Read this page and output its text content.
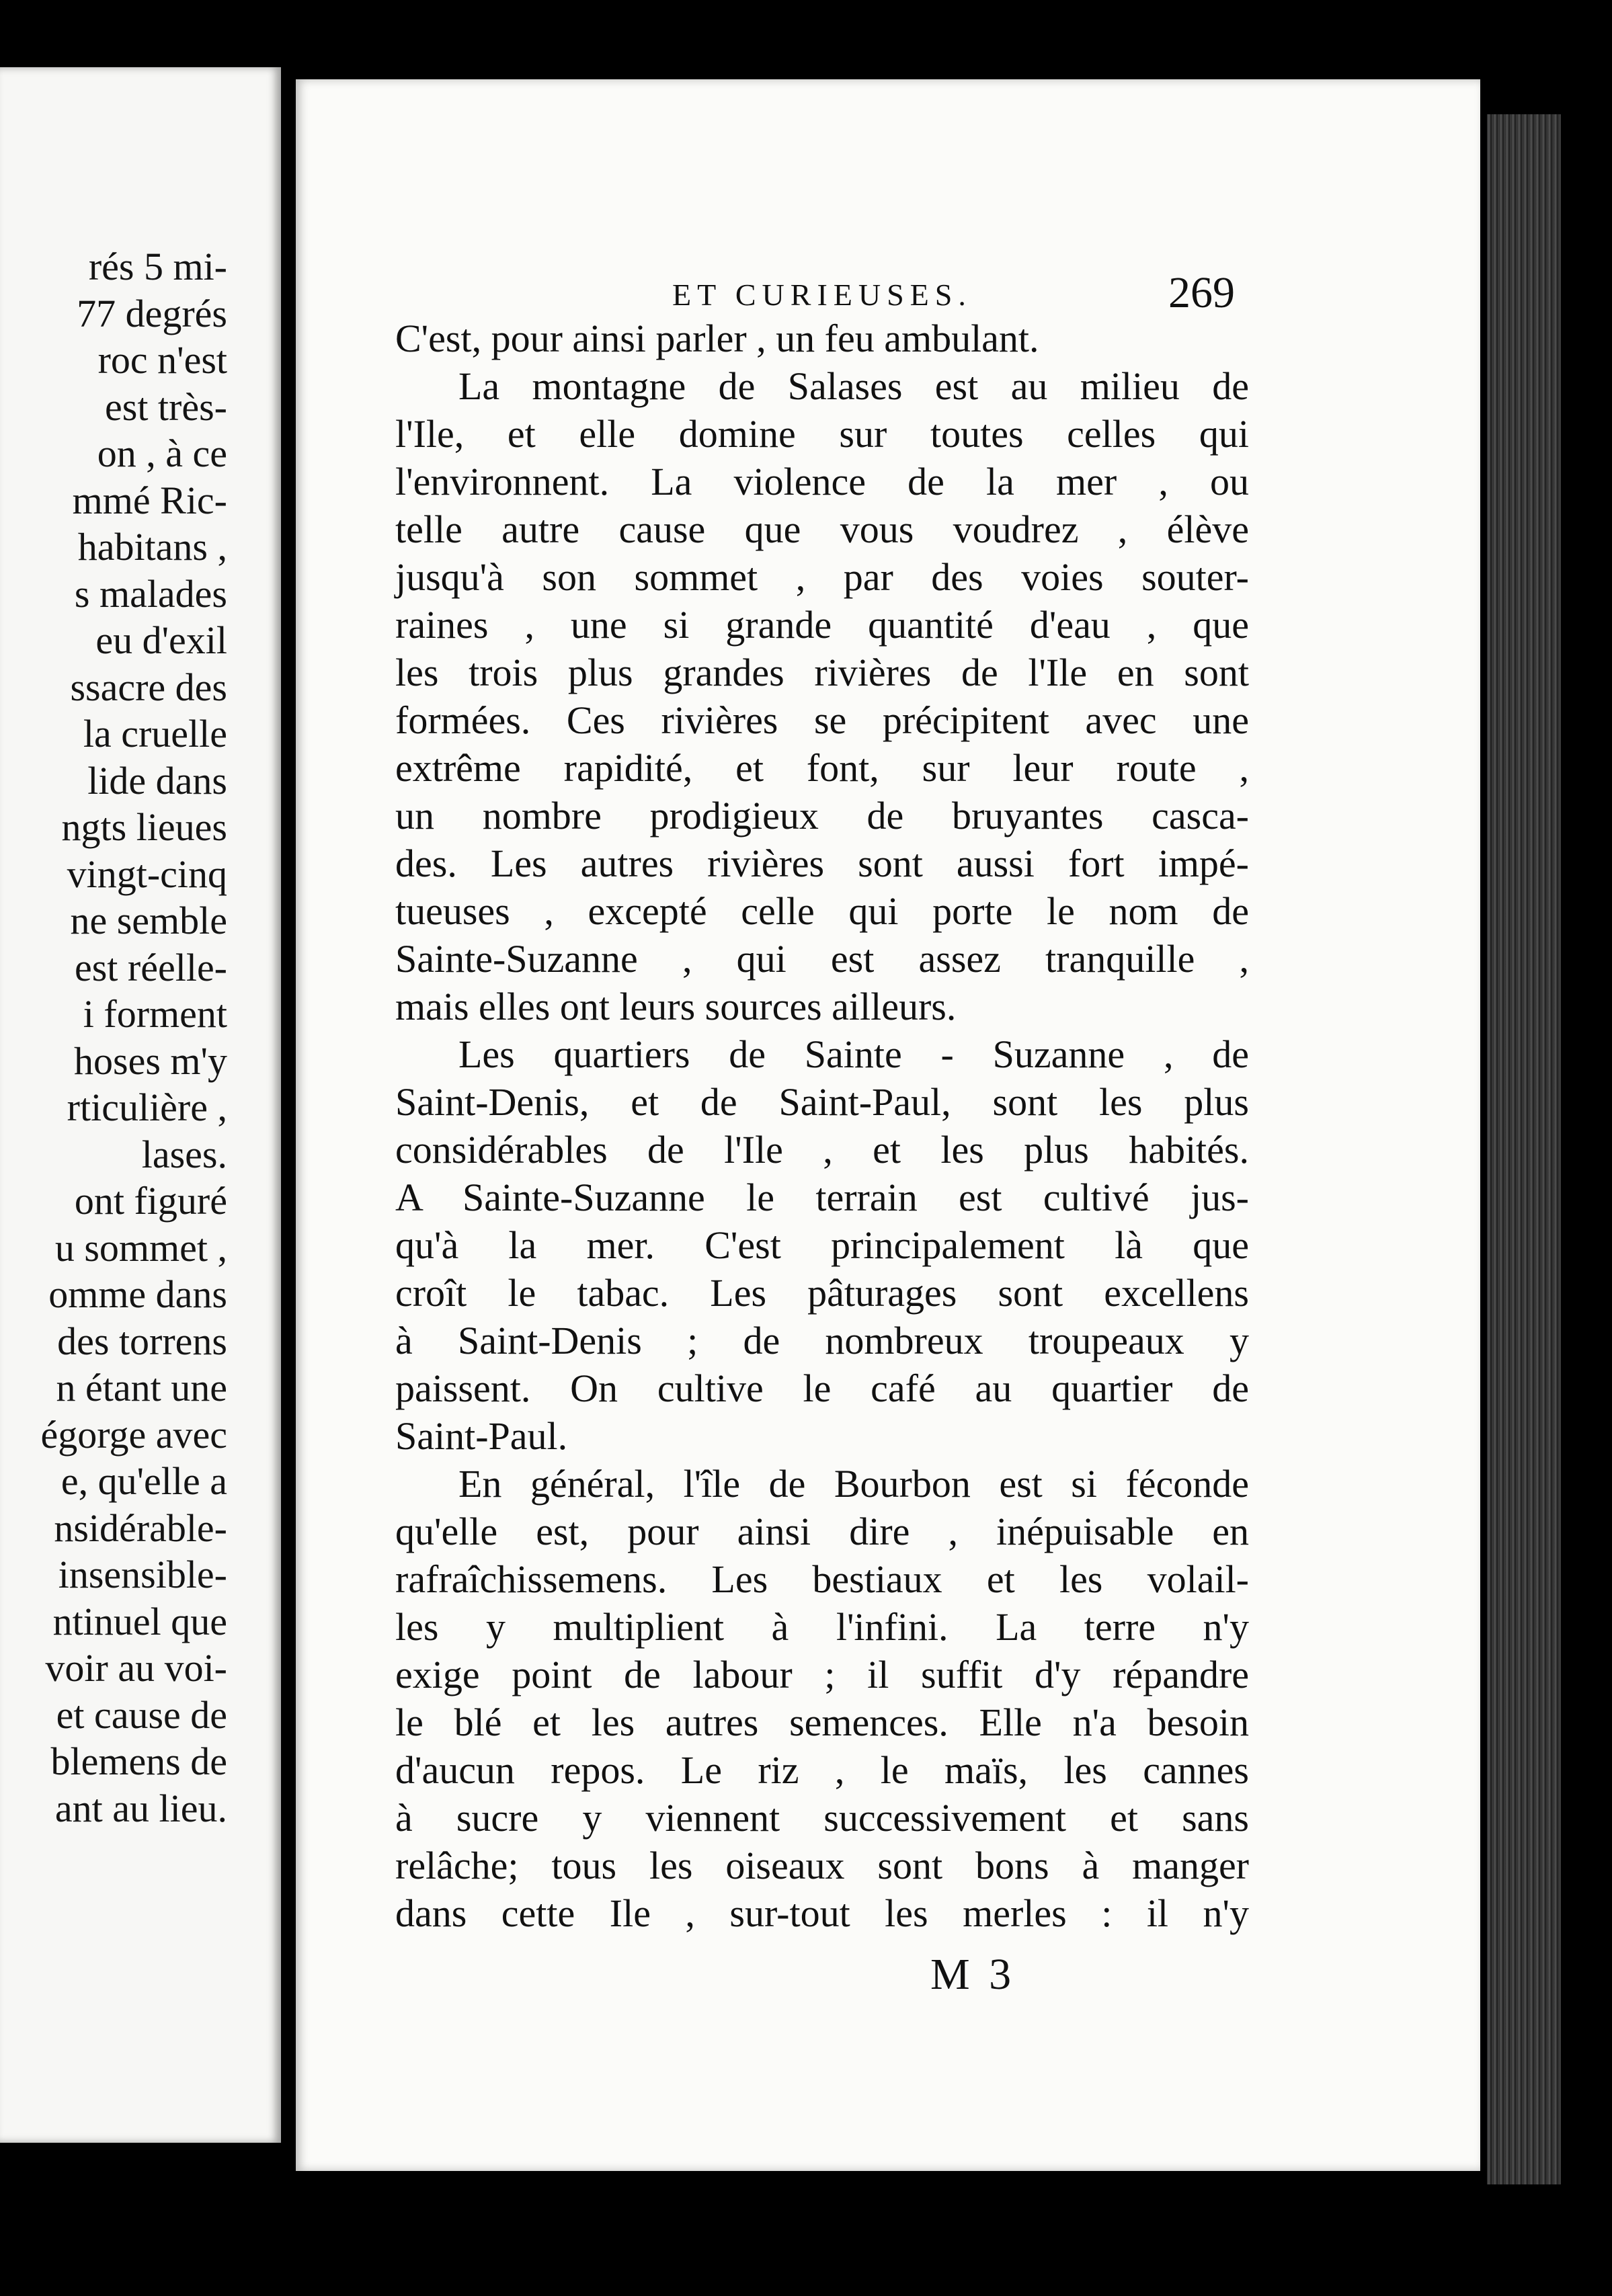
rés 5 mi-
77 degrés
roc n'est
est très-
on , à ce
mmé Ric-
habitans ,
s malades
eu d'exil
ssacre des
la cruelle
lide dans
ngts lieues
vingt-cinq
ne semble
est réelle-
i forment
hoses m'y
rticulière ,
lases.
ont figuré
u sommet ,
omme dans
des torrens
n étant une
égorge avec
e, qu'elle a
nsidérable-
insensible-
ntinuel que
voir au voi-
et cause de
blemens de
ant au lieu.
ET CURIEUSES.	269
C'est, pour ainsi parler , un feu ambulant.
La montagne de Salases est au milieu de
l'Ile, et elle domine sur toutes celles qui
l'environnent. La violence de la mer , ou
telle autre cause que vous voudrez , élève
jusqu'à son sommet , par des voies souter-
raines , une si grande quantité d'eau , que
les trois plus grandes rivières de l'Ile en sont
formées. Ces rivières se précipitent avec une
extrême rapidité, et font, sur leur route ,
un nombre prodigieux de bruyantes casca-
des. Les autres rivières sont aussi fort impé-
tueuses , excepté celle qui porte le nom de
Sainte-Suzanne , qui est assez tranquille ,
mais elles ont leurs sources ailleurs.
Les quartiers de Sainte - Suzanne , de
Saint-Denis, et de Saint-Paul, sont les plus
considérables de l'Ile , et les plus habités.
A Sainte-Suzanne le terrain est cultivé jus-
qu'à la mer. C'est principalement là que
croît le tabac. Les pâturages sont excellens
à Saint-Denis ; de nombreux troupeaux y
paissent. On cultive le café au quartier de
Saint-Paul.
En général, l'île de Bourbon est si féconde
qu'elle est, pour ainsi dire , inépuisable en
rafraîchissemens. Les bestiaux et les volail-
les y multiplient à l'infini. La terre n'y
exige point de labour ; il suffit d'y répandre
le blé et les autres semences. Elle n'a besoin
d'aucun repos. Le riz , le maïs, les cannes
à sucre y viennent successivement et sans
relâche; tous les oiseaux sont bons à manger
dans cette Ile , sur-tout les merles : il n'y
M 3
